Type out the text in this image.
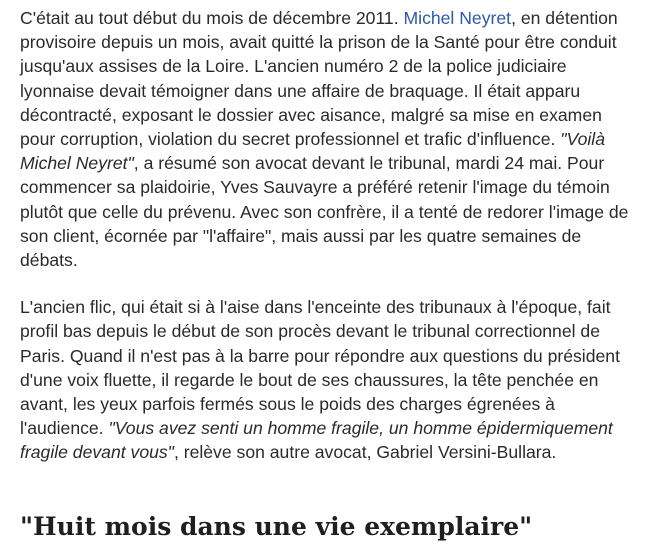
C'était au tout début du mois de décembre 2011. Michel Neyret, en détention provisoire depuis un mois, avait quitté la prison de la Santé pour être conduit jusqu'aux assises de la Loire. L'ancien numéro 2 de la police judiciaire lyonnaise devait témoigner dans une affaire de braquage. Il était apparu décontracté, exposant le dossier avec aisance, malgré sa mise en examen pour corruption, violation du secret professionnel et trafic d'influence. "Voilà Michel Neyret", a résumé son avocat devant le tribunal, mardi 24 mai. Pour commencer sa plaidoirie, Yves Sauvayre a préféré retenir l'image du témoin plutôt que celle du prévenu. Avec son confrère, il a tenté de redorer l'image de son client, écornée par "l'affaire", mais aussi par les quatre semaines de débats.

L'ancien flic, qui était si à l'aise dans l'enceinte des tribunaux à l'époque, fait profil bas depuis le début de son procès devant le tribunal correctionnel de Paris. Quand il n'est pas à la barre pour répondre aux questions du président d'une voix fluette, il regarde le bout de ses chaussures, la tête penchée en avant, les yeux parfois fermés sous le poids des charges égrenées à l'audience. "Vous avez senti un homme fragile, un homme épidermiquement fragile devant vous", relève son autre avocat, Gabriel Versini-Bullara.

"Huit mois dans une vie exemplaire"
